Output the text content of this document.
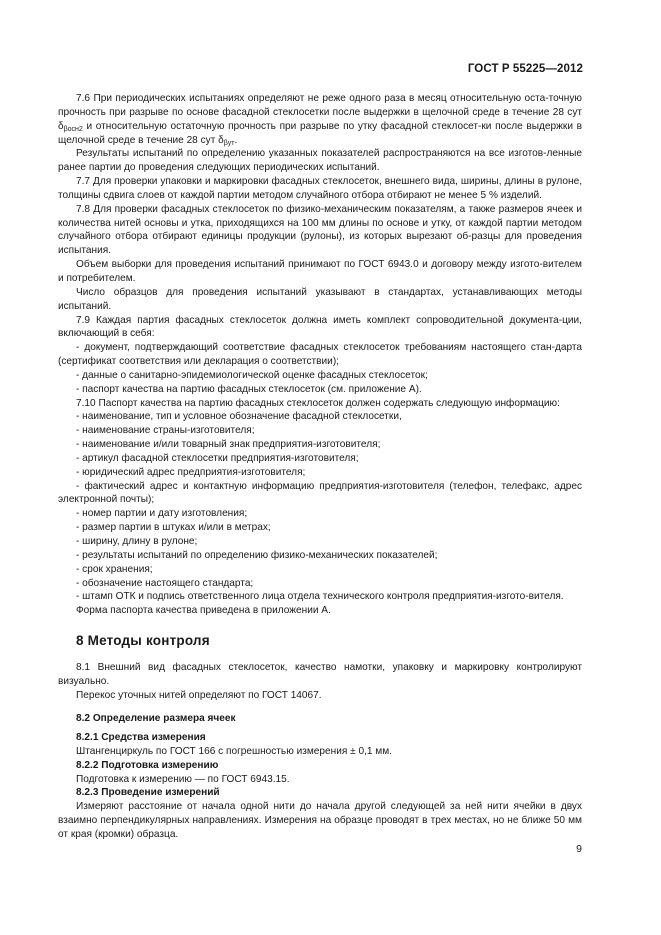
ГОСТ Р 55225—2012

7.6 При периодических испытаниях определяют не реже одного раза в месяц относительную оста-точную прочность при разрыве по основе фасадной стеклосетки после выдержки в щелочной среде в течение 28 сут $\delta_{\beta осн2}$ и относительную остаточную прочность при разрыве по утку фасадной стеклосет-ки после выдержки в щелочной среде в течение 28 сут $\delta_{\beta ут}$.

Результаты испытаний по определению указанных показателей распространяются на все изготов-ленные ранее партии до проведения следующих периодических испытаний.

7.7 Для проверки упаковки и маркировки фасадных стеклосеток, внешнего вида, ширины, длины в рулоне, толщины сдвига слоев от каждой партии методом случайного отбора отбирают не менее 5 % изделий.

7.8 Для проверки фасадных стеклосеток по физико-механическим показателям, а также размеров ячеек и количества нитей основы и утка, приходящихся на 100 мм длины по основе и утку, от каждой партии методом случайного отбора отбирают единицы продукции (рулоны), из которых вырезают об-разцы для проведения испытания.

Объем выборки для проведения испытаний принимают по ГОСТ 6943.0 и договору между изгото-вителем и потребителем.

Число образцов для проведения испытаний указывают в стандартах, устанавливающих методы испытаний.

7.9 Каждая партия фасадных стеклосеток должна иметь комплект сопроводительной документа-ции, включающий в себя:

- документ, подтверждающий соответствие фасадных стеклосеток требованиям настоящего стан-дарта (сертификат соответствия или декларация о соответствии);

- данные о санитарно-эпидемиологической оценке фасадных стеклосеток;

- паспорт качества на партию фасадных стеклосеток (см. приложение А).

7.10 Паспорт качества на партию фасадных стеклосеток должен содержать следующую информацию:

- наименование, тип и условное обозначение фасадной стеклосетки,

- наименование страны-изготовителя;

- наименование и/или товарный знак предприятия-изготовителя;

- артикул фасадной стеклосетки предприятия-изготовителя;

- юридический адрес предприятия-изготовителя;

- фактический адрес и контактную информацию предприятия-изготовителя (телефон, телефакс, адрес электронной почты);

- номер партии и дату изготовления;

- размер партии в штуках и/или в метрах;

- ширину, длину в рулоне;

- результаты испытаний по определению физико-механических показателей;

- срок хранения;

- обозначение настоящего стандарта;

- штамп ОТК и подпись ответственного лица отдела технического контроля предприятия-изгото-вителя.

Форма паспорта качества приведена в приложении А.

8 Методы контроля

8.1 Внешний вид фасадных стеклосеток, качество намотки, упаковку и маркировку контролируют визуально.

Перекос уточных нитей определяют по ГОСТ 14067.

8.2 Определение размера ячеек

8.2.1 Средства измерения

Штангенциркуль по ГОСТ 166 с погрешностью измерения ± 0,1 мм.

8.2.2 Подготовка измерению

Подготовка к измерению — по ГОСТ 6943.15.

8.2.3 Проведение измерений

Измеряют расстояние от начала одной нити до начала другой следующей за ней нити ячейки в двух взаимно перпендикулярных направлениях. Измерения на образце проводят в трех местах, но не ближе 50 мм от края (кромки) образца.

9
